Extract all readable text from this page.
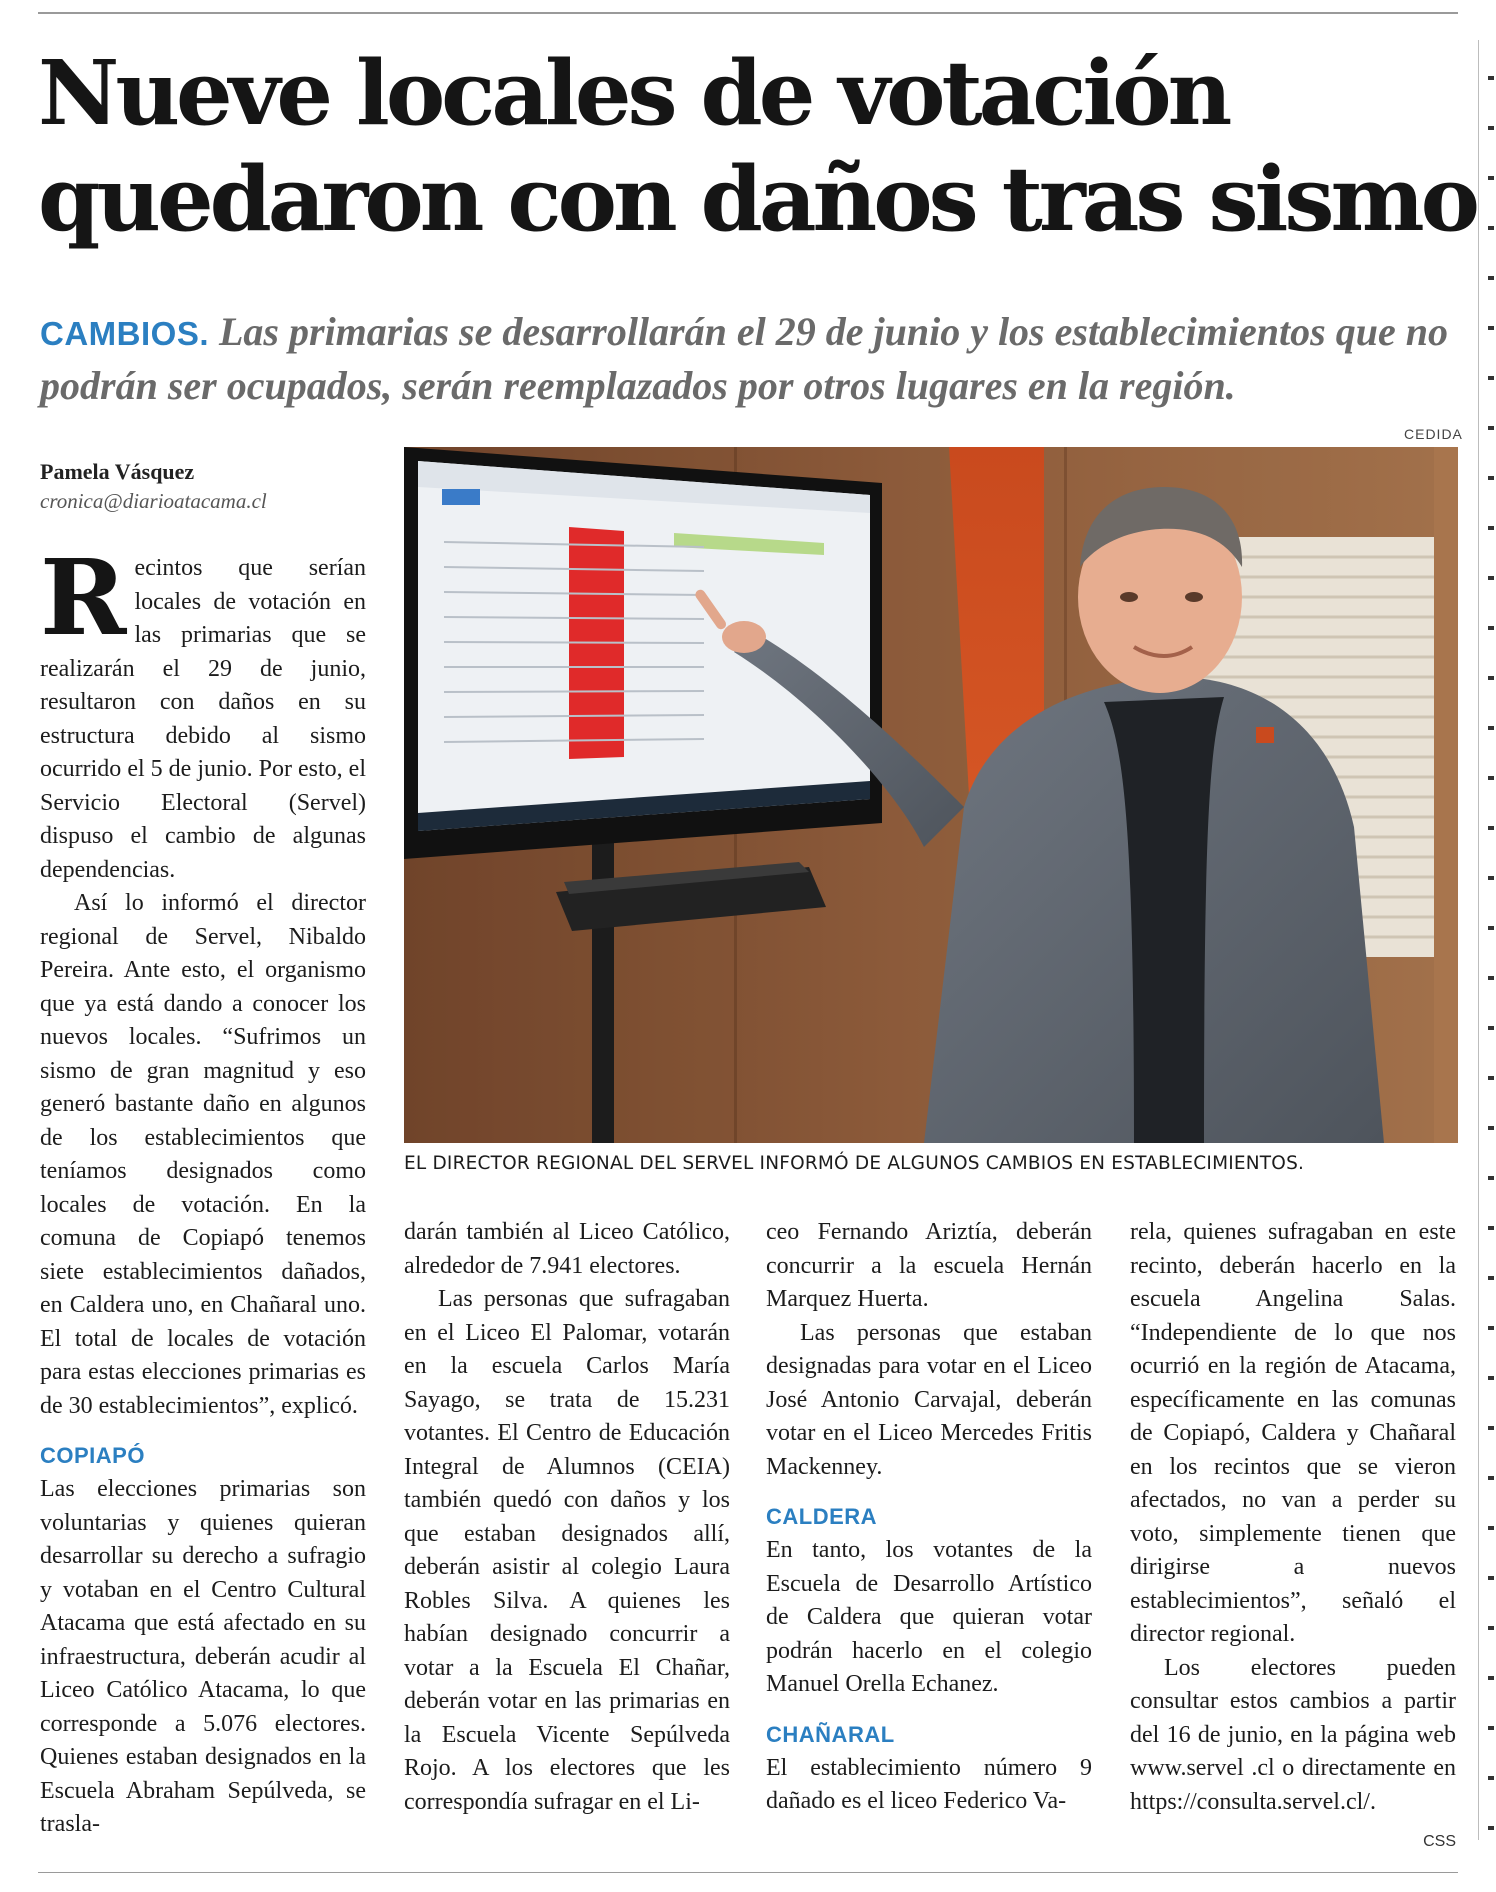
Nueve locales de votación quedaron con daños tras sismo
CAMBIOS. Las primarias se desarrollarán el 29 de junio y los establecimientos que no podrán ser ocupados, serán reemplazados por otros lugares en la región.
CEDIDA
Pamela Vásquez
cronica@diarioatacama.cl
EL DIRECTOR REGIONAL DEL SERVEL INFORMÓ DE ALGUNOS CAMBIOS EN ESTABLECIMIENTOS.

Recintos que serían locales de votación en las primarias que se realizarán el 29 de junio, resultaron con daños en su estructura debido al sismo ocurrido el 5 de junio. Por esto, el Servicio Electoral (Servel) dispuso el cambio de algunas dependencias.

Así lo informó el director regional de Servel, Nibaldo Pereira. Ante esto, el organismo que ya está dando a conocer los nuevos locales. “Sufrimos un sismo de gran magnitud y eso generó bastante daño en algunos de los establecimientos que teníamos designados como locales de votación. En la comuna de Copiapó tenemos siete establecimientos dañados, en Caldera uno, en Chañaral uno. El total de locales de votación para estas elecciones primarias es de 30 establecimientos”, explicó.

COPIAPÓ

Las elecciones primarias son voluntarias y quienes quieran desarrollar su derecho a sufragio y votaban en el Centro Cultural Atacama que está afectado en su infraestructura, deberán acudir al Liceo Católico Atacama, lo que corresponde a 5.076 electores. Quienes estaban designados en la Escuela Abraham Sepúlveda, se trasla-

darán también al Liceo Católico, alrededor de 7.941 electores.

Las personas que sufragaban en el Liceo El Palomar, votarán en la escuela Carlos María Sayago, se trata de 15.231 votantes. El Centro de Educación Integral de Alumnos (CEIA) también quedó con daños y los que estaban designados allí, deberán asistir al colegio Laura Robles Silva. A quienes les habían designado concurrir a votar a la Escuela El Chañar, deberán votar en las primarias en la Escuela Vicente Sepúlveda Rojo. A los electores que les correspondía sufragar en el Li-

ceo Fernando Ariztía, deberán concurrir a la escuela Hernán Marquez Huerta.

Las personas que estaban designadas para votar en el Liceo José Antonio Carvajal, deberán votar en el Liceo Mercedes Fritis Mackenney.

CALDERA

En tanto, los votantes de la Escuela de Desarrollo Artístico de Caldera que quieran votar podrán hacerlo en el colegio Manuel Orella Echanez.

CHAÑARAL

El establecimiento número 9 dañado es el liceo Federico Va-

rela, quienes sufragaban en este recinto, deberán hacerlo en la escuela Angelina Salas. “Independiente de lo que nos ocurrió en la región de Atacama, específicamente en las comunas de Copiapó, Caldera y Chañaral en los recintos que se vieron afectados, no van a perder su voto, simplemente tienen que dirigirse a nuevos establecimientos”, señaló el director regional.

Los electores pueden consultar estos cambios a partir del 16 de junio, en la página web www.servel .cl o directamente en https://consulta.servel.cl/.

CSS
